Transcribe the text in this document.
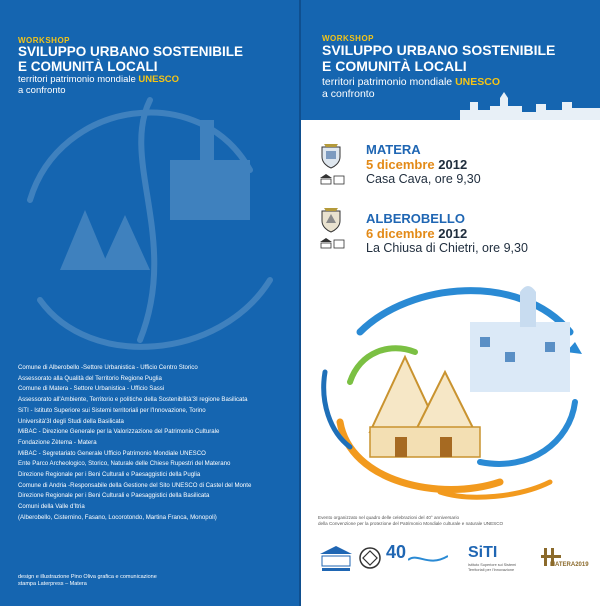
WORKSHOP
SVILUPPO URBANO SOSTENIBILE
E COMUNITÀ LOCALI
territori patrimonio mondiale UNESCO
a confronto
Comune di Alberobello -Settore Urbanistica - Ufficio Centro Storico
Assessorato alla Qualità del Territorio Regione Puglia
Comune di Matera - Settore Urbanistica - Ufficio Sassi
Assessorato all'Ambiente, Territorio e politiche della Sostenibilità'3I regione Basilicata
SiTI - Istituto Superiore sui Sistemi territoriali per l'Innovazione, Torino
Università'3I degli Studi della Basilicata
MiBAC - Direzione Generale per la Valorizzazione del Patrimonio Culturale
Fondazione Zètema - Matera
MiBAC - Segretariato Generale Ufficio Patrimonio Mondiale UNESCO
Ente Parco Archeologico, Storico, Naturale delle Chiese Rupestri del Materano
Direzione Regionale per i Beni Culturali e Paesaggistici della Puglia
Comune di Andria -Responsabile della Gestione del Sito UNESCO di Castel del Monte
Direzione Regionale per i Beni Culturali e Paesaggistici della Basilicata
Comuni della Valle d'Itria
(Alberobello, Cisternino, Fasano, Locorotondo, Martina Franca, Monopoli)
design e illustrazione Pino Oliva grafica e comunicazione
stampa Laterpress – Matera
WORKSHOP
SVILUPPO URBANO SOSTENIBILE
E COMUNITÀ LOCALI
territori patrimonio mondiale UNESCO
a confronto
MATERA
5 dicembre 2012
Casa Cava, ore 9,30
ALBEROBELLO
6 dicembre 2012
La Chiusa di Chietri, ore 9,30
Evento organizzato nel quadro delle celebrazioni del 40° anniversario
della Convenzione per la protezione del Patrimonio Mondiale culturale e naturale UNESCO
40	SiTI
Istituto Superiore sui Sistemi Territoriali per l'Innovazione
MATERA2019
